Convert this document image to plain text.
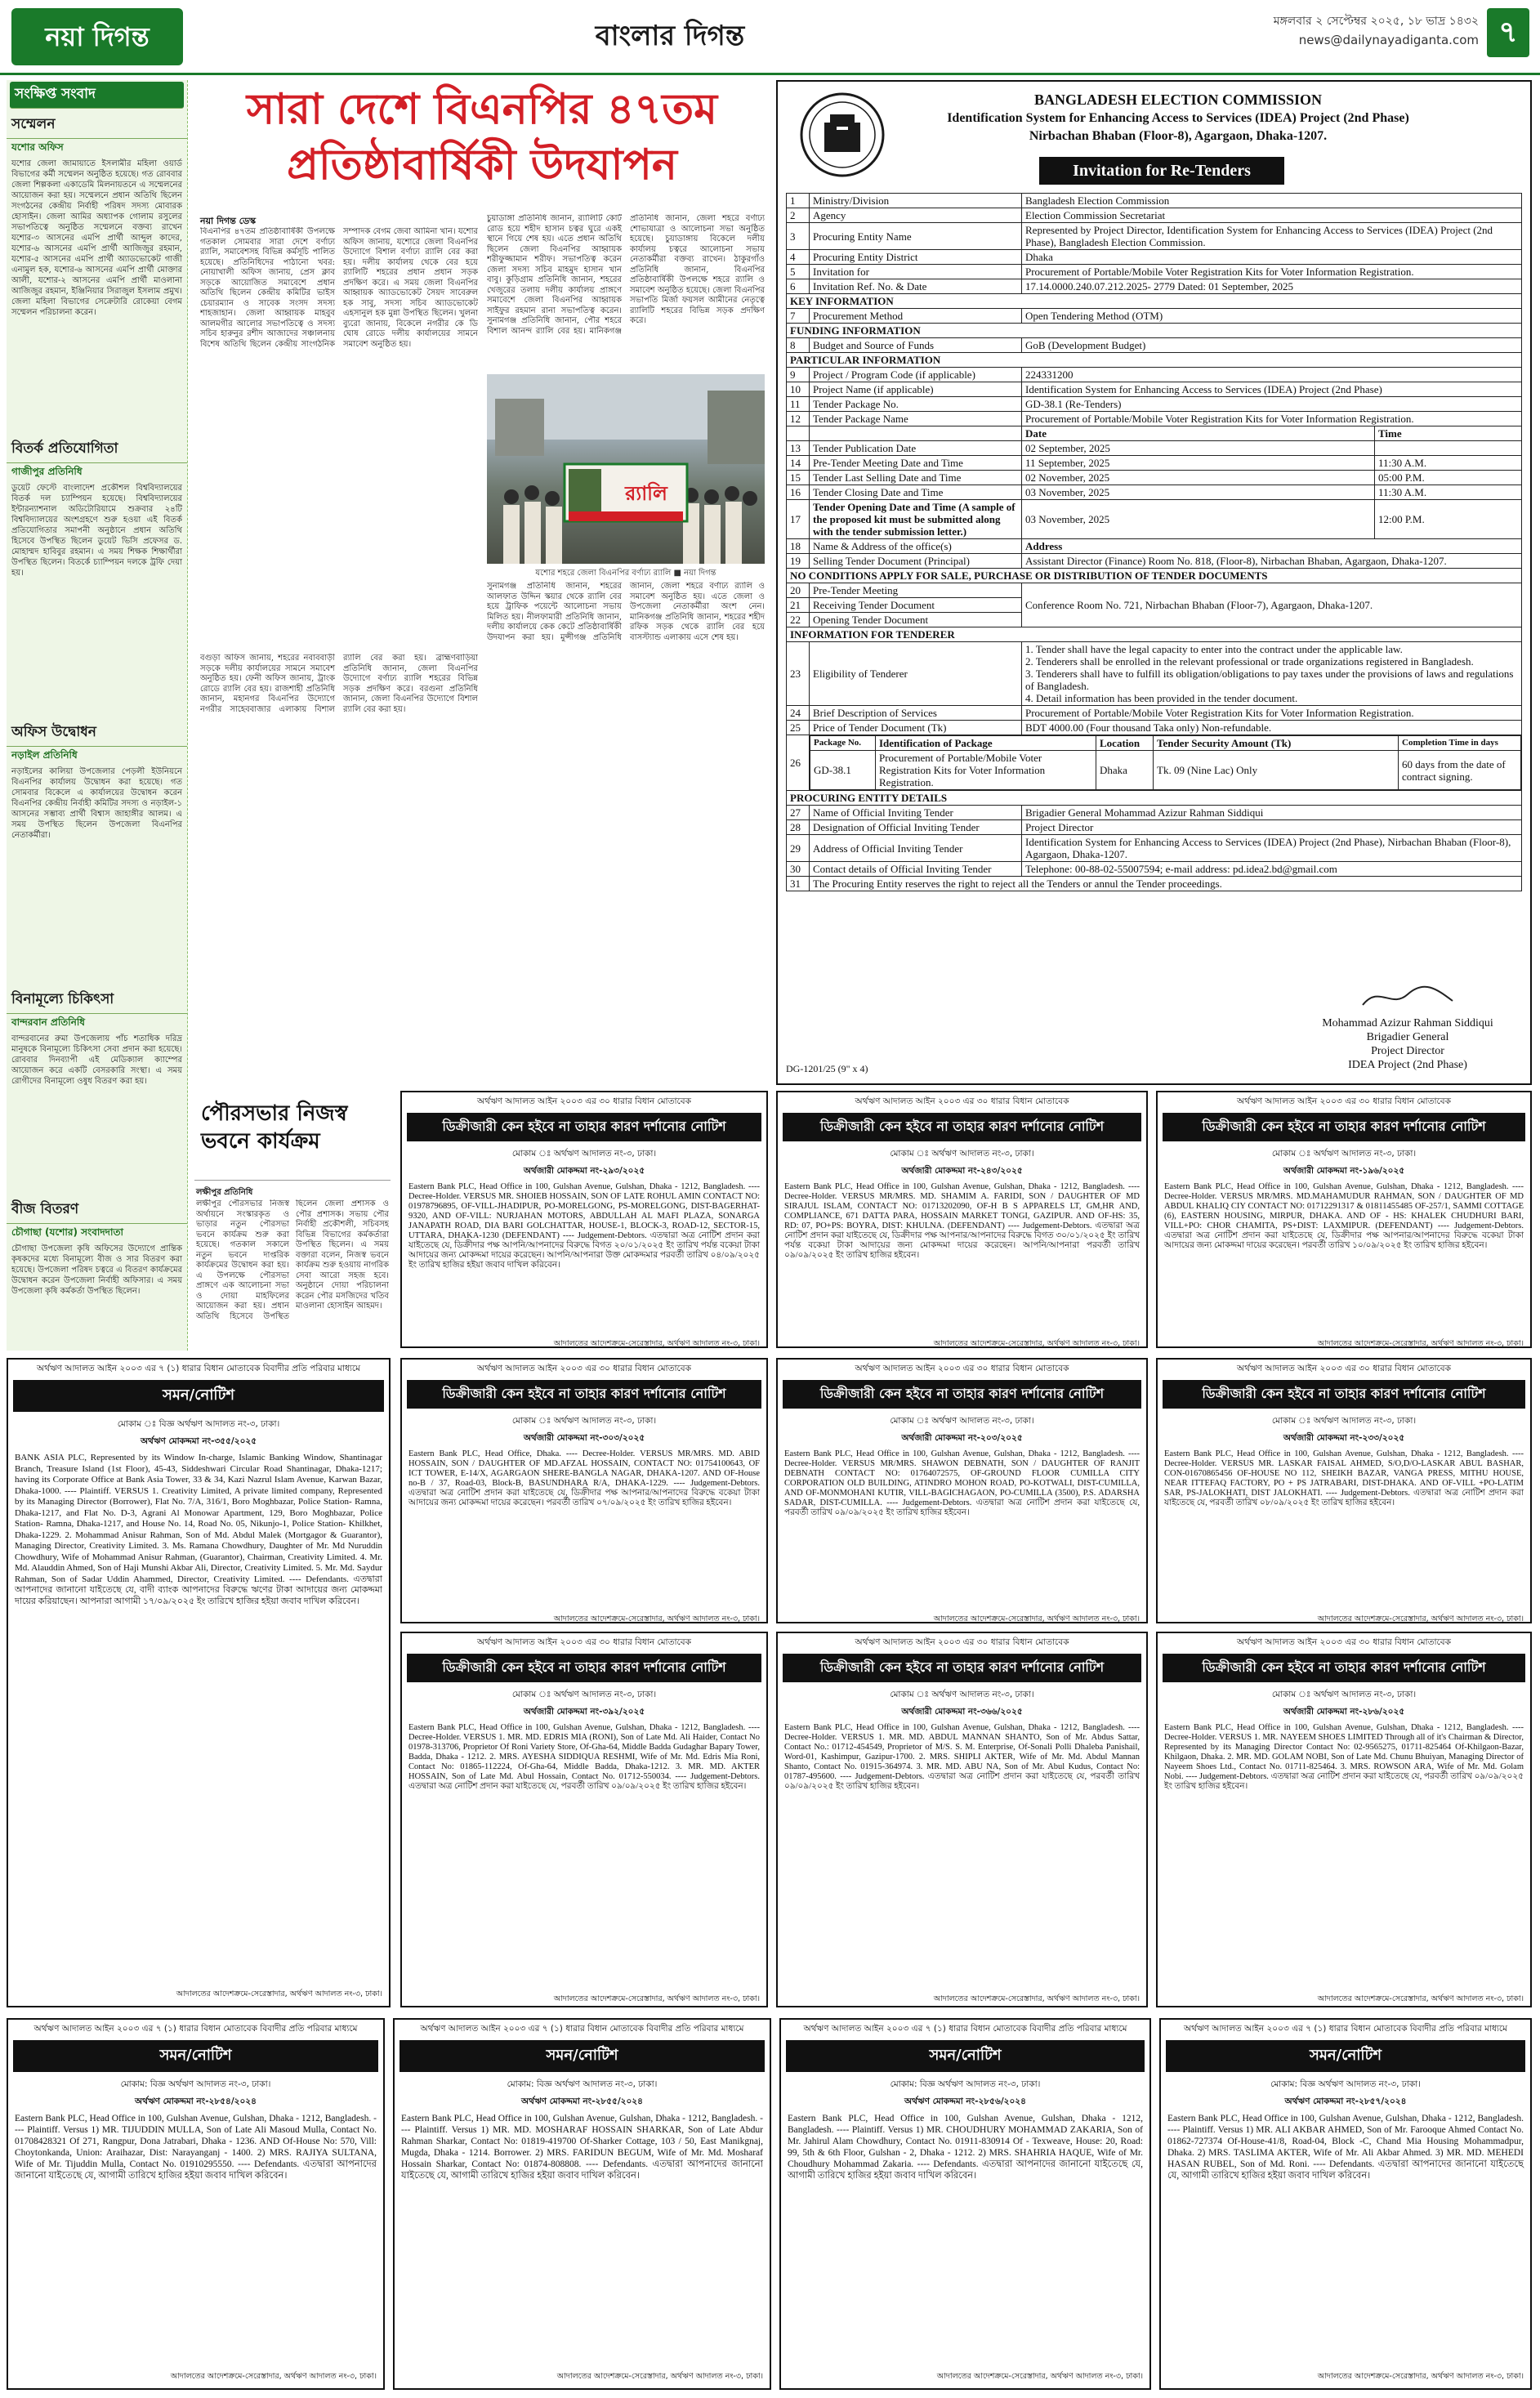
নয়া দিগন্ত	বাংলার দিগন্ত	মঙ্গলবার ২ সেপ্টেম্বর ২০২৫, ১৮ ভাদ্র ১৪৩২
news@dailynayadiganta.com ৭
সংক্ষিপ্ত সংবাদ
সম্মেলন
যশোর অফিস
যশোর জেলা জামায়াতে ইসলামীর মহিলা ওয়ার্ড বিভাগের কর্মী সম্মেলন অনুষ্ঠিত হয়েছে। গত রোববার জেলা শিল্পকলা একাডেমি মিলনায়তনে এ সম্মেলনের আয়োজন করা হয়। সম্মেলনে প্রধান অতিথি ছিলেন সংগঠনের কেন্দ্রীয় নির্বাহী পরিষদ সদস্য মোবারক হোসাইন। জেলা আমির অধ্যাপক গোলাম রসুলের সভাপতিত্বে অনুষ্ঠিত সম্মেলনে বক্তব্য রাখেন যশোর-৩ আসনের এমপি প্রার্থী আব্দুল কাদের, যশোর-৬ আসনের এমপি প্রার্থী আজিজুর রহমান, যশোর-৫ আসনের এমপি প্রার্থী অ্যাডভোকেট গাজী এনামুল হক, যশোর-৬ আসনের এমপি প্রার্থী মোক্তার আলী, যশোর-২ আসনের এমপি প্রার্থী মাওলানা আজিজুর রহমান, ইঞ্জিনিয়ার সিরাজুল ইসলাম প্রমুখ। জেলা মহিলা বিভাগের সেক্রেটারি রোকেয়া বেগম সম্মেলন পরিচালনা করেন।
বিতর্ক প্রতিযোগিতা
গাজীপুর প্রতিনিধি
ডুয়েট ফেস্টে বাংলাদেশ প্রকৌশল বিশ্ববিদ্যালয়ের বিতর্ক দল চ্যাম্পিয়ন হয়েছে। বিশ্ববিদ্যালয়ের ইন্টারন্যাশনাল অডিটোরিয়ামে শুক্রবার ২৪টি বিশ্ববিদ্যালয়ের অংশগ্রহণে শুরু হওয়া এই বিতর্ক প্রতিযোগিতার সমাপনী অনুষ্ঠানে প্রধান অতিথি হিসেবে উপস্থিত ছিলেন ডুয়েট ভিসি প্রফেসর ড. মোহাম্মদ হাবিবুর রহমান। এ সময় শিক্ষক শিক্ষার্থীরা উপস্থিত ছিলেন। বিতর্কে চ্যাম্পিয়ন দলকে ট্রফি দেয়া হয়।
অফিস উদ্বোধন
নড়াইল প্রতিনিধি
নড়াইলের কালিয়া উপজেলার পেড়লী ইউনিয়নে বিএনপির কার্যালয় উদ্বোধন করা হয়েছে। গত সোমবার বিকেলে এ কার্যালয়ের উদ্বোধন করেন বিএনপির কেন্দ্রীয় নির্বাহী কমিটির সদস্য ও নড়াইল-১ আসনের সম্ভাব্য প্রার্থী বিশ্বাস জাহাঙ্গীর আলম। এ সময় উপস্থিত ছিলেন উপজেলা বিএনপির নেতাকর্মীরা।
বিনামূল্যে চিকিৎসা
বান্দরবান প্রতিনিধি
বান্দরবানের রুমা উপজেলায় পাঁচ শতাধিক দরিদ্র মানুষকে বিনামূল্যে চিকিৎসা সেবা প্রদান করা হয়েছে। রোববার দিনব্যাপী এই মেডিক্যাল ক্যাম্পের আয়োজন করে একটি বেসরকারি সংস্থা। এ সময় রোগীদের বিনামূল্যে ওষুধ বিতরণ করা হয়।
বীজ বিতরণ
চৌগাছা (যশোর) সংবাদদাতা
চৌগাছা উপজেলা কৃষি অফিসের উদ্যোগে প্রান্তিক কৃষকদের মধ্যে বিনামূল্যে বীজ ও সার বিতরণ করা হয়েছে। উপজেলা পরিষদ চত্বরে এ বিতরণ কার্যক্রমের উদ্বোধন করেন উপজেলা নির্বাহী অফিসার। এ সময় উপজেলা কৃষি কর্মকর্তা উপস্থিত ছিলেন।
সারা দেশে বিএনপির ৪৭তম প্রতিষ্ঠাবার্ষিকী উদযাপন
নয়া দিগন্ত ডেস্ক
বিএনপির ৪৭তম প্রতিষ্ঠাবার্ষিকী উপলক্ষে গতকাল সোমবার সারা দেশে বর্ণাঢ্য র‍্যালি, সমাবেশসহ বিভিন্ন কর্মসূচি পালিত হয়েছে। প্রতিনিধিদের পাঠানো খবর: নোয়াখালী অফিস জানায়, প্রেস ক্লাব সড়কে আয়োজিত সমাবেশে প্রধান অতিথি ছিলেন কেন্দ্রীয় কমিটির ভাইস চেয়ারম্যান ও সাবেক সংসদ সদস্য শাহজাহান। জেলা আহ্বায়ক মাহবুব আলমগীর আলোর সভাপতিত্বে ও সদস্য সচিব হারুনুর রশীদ আজাদের সঞ্চালনায় বিশেষ অতিথি ছিলেন কেন্দ্রীয় সাংগঠনিক সম্পাদক বেগম জেবা আমিনা খান। যশোর অফিস জানায়, যশোরে জেলা বিএনপির উদ্যোগে বিশাল বর্ণাঢ্য র‍্যালি বের করা হয়। দলীয় কার্যালয় থেকে বের হয়ে র‍্যালিটি শহরের প্রধান প্রধান সড়ক প্রদক্ষিণ করে। এ সময় জেলা বিএনপির আহ্বায়ক অ্যাডভোকেট সৈয়দ সাবেরুল হক সাবু, সদস্য সচিব অ্যাডভোকেট এহসানুল হক মুন্না উপস্থিত ছিলেন। খুলনা ব্যুরো জানায়, বিকেলে নগরীর কে ডি ঘোষ রোডে দলীয় কার্যালয়ের সামনে সমাবেশ অনুষ্ঠিত হয়।
চুয়াডাঙ্গা প্রতিনিধি জানান, র‍্যালিটি কোর্ট রোড হয়ে শহীদ হাসান চত্বর ঘুরে একই স্থানে গিয়ে শেষ হয়। এতে প্রধান অতিথি ছিলেন জেলা বিএনপির আহ্বায়ক শরীফুজ্জামান শরীফ। সভাপতিত্ব করেন জেলা সদস্য সচিব মাহমুদ হাসান খান বাবু। কুড়িগ্রাম প্রতিনিধি জানান, শহরের খেজুরের তলায় দলীয় কার্যালয় প্রাঙ্গণে সমাবেশে জেলা বিএনপির আহ্বায়ক সাইফুর রহমান রানা সভাপতিত্ব করেন। সুনামগঞ্জ প্রতিনিধি জানান, পৌর শহরে বিশাল আনন্দ র‍্যালি বের হয়। মানিকগঞ্জ প্রতিনিধি জানান, জেলা শহরে বর্ণাঢ্য শোভাযাত্রা ও আলোচনা সভা অনুষ্ঠিত হয়েছে। চুয়াডাঙ্গায় বিকেলে দলীয় কার্যালয় চত্বরে আলোচনা সভায় নেতাকর্মীরা বক্তব্য রাখেন। ঠাকুরগাঁও প্রতিনিধি জানান, বিএনপির প্রতিষ্ঠাবার্ষিকী উপলক্ষে শহরে র‍্যালি ও সমাবেশ অনুষ্ঠিত হয়েছে। জেলা বিএনপির সভাপতি মির্জা ফয়সল আমীনের নেতৃত্বে র‍্যালিটি শহরের বিভিন্ন সড়ক প্রদক্ষিণ করে।
র‍্যালি
যশোর শহরে জেলা বিএনপির বর্ণাঢ্য র‍্যালি ■ নয়া দিগন্ত
বগুড়া অফিস জানায়, শহরের নবাববাড়ী সড়কে দলীয় কার্যালয়ের সামনে সমাবেশ অনুষ্ঠিত হয়। ফেনী অফিস জানায়, ট্রাংক রোডে র‍্যালি বের হয়। রাজশাহী প্রতিনিধি জানান, মহানগর বিএনপির উদ্যোগে নগরীর সাহেববাজার এলাকায় বিশাল র‍্যালি বের করা হয়। ব্রাহ্মণবাড়িয়া প্রতিনিধি জানান, জেলা বিএনপির উদ্যোগে বর্ণাঢ্য র‍্যালি শহরের বিভিন্ন সড়ক প্রদক্ষিণ করে। বরগুনা প্রতিনিধি জানান, জেলা বিএনপির উদ্যোগে বিশাল র‍্যালি বের করা হয়।
সুনামগঞ্জ প্রতিনিধি জানান, শহরের আলফাত উদ্দিন স্কয়ার থেকে র‍্যালি বের হয়ে ট্রাফিক পয়েন্টে আলোচনা সভায় মিলিত হয়। নীলফামারী প্রতিনিধি জানান, দলীয় কার্যালয়ে কেক কেটে প্রতিষ্ঠাবার্ষিকী উদযাপন করা হয়। মুন্সীগঞ্জ প্রতিনিধি জানান, জেলা শহরে বর্ণাঢ্য র‍্যালি ও সমাবেশ অনুষ্ঠিত হয়। এতে জেলা ও উপজেলা নেতাকর্মীরা অংশ নেন। মানিকগঞ্জ প্রতিনিধি জানান, শহরের শহীদ রফিক সড়ক থেকে র‍্যালি বের হয়ে বাসস্ট্যান্ড এলাকায় এসে শেষ হয়।
পৌরসভার নিজস্ব ভবনে কার্যক্রম
লক্ষীপুর প্রতিনিধি
লক্ষীপুর পৌরসভার নিজস্ব অর্থায়নে সংস্কারকৃত ও ভাড়ার নতুন পৌরসভা ভবনে কার্যক্রম শুরু করা হয়েছে। গতকাল সকালে নতুন ভবনে দাপ্তরিক কার্যক্রমের উদ্বোধন করা হয়। এ উপলক্ষে পৌরসভা প্রাঙ্গণে এক আলোচনা সভা ও দোয়া মাহফিলের আয়োজন করা হয়। প্রধান অতিথি হিসেবে উপস্থিত ছিলেন জেলা প্রশাসক ও পৌর প্রশাসক। সভায় পৌর নির্বাহী প্রকৌশলী, সচিবসহ বিভিন্ন বিভাগের কর্মকর্তারা উপস্থিত ছিলেন। এ সময় বক্তারা বলেন, নিজস্ব ভবনে কার্যক্রম শুরু হওয়ায় নাগরিক সেবা আরো সহজ হবে। অনুষ্ঠানে দোয়া পরিচালনা করেন পৌর মসজিদের খতিব মাওলানা হোসাইন আহমদ।
BANGLADESH ELECTION COMMISSION
Identification System for Enhancing Access to Services (IDEA) Project (2nd Phase)
Nirbachan Bhaban (Floor-8), Agargaon, Dhaka-1207.
Invitation for Re-Tenders
1	Ministry/Division	Bangladesh Election Commission
2	Agency	Election Commission Secretariat
3	Procuring Entity Name	Represented by Project Director, Identification System for Enhancing Access to Services (IDEA) Project (2nd Phase), Bangladesh Election Commission.
4	Procuring Entity District	Dhaka
5	Invitation for	Procurement of Portable/Mobile Voter Registration Kits for Voter Information Registration.
6	Invitation Ref. No. & Date	17.14.0000.240.07.212.2025- 2779 Dated: 01 September, 2025
KEY INFORMATION
7	Procurement Method	Open Tendering Method (OTM)
FUNDING INFORMATION
8	Budget and Source of Funds	GoB (Development Budget)
PARTICULAR INFORMATION
9	Project / Program Code (if applicable)	224331200
10	Project Name (if applicable)	Identification System for Enhancing Access to Services (IDEA) Project (2nd Phase)
11	Tender Package No.	GD-38.1 (Re-Tenders)
12	Tender Package Name	Procurement of Portable/Mobile Voter Registration Kits for Voter Information Registration.
		Date	Time
13	Tender Publication Date	02 September, 2025	
14	Pre-Tender Meeting Date and Time	11 September, 2025	11:30 A.M.
15	Tender Last Selling Date and Time	02 November, 2025	05:00 P.M.
16	Tender Closing Date and Time	03 November, 2025	11:30 A.M.
17	Tender Opening Date and Time (A sample of the proposed kit must be submitted along with the tender submission letter.)	03 November, 2025	12:00 P.M.
18	Name & Address of the office(s)	Address
19	Selling Tender Document (Principal)	Assistant Director (Finance) Room No. 818, (Floor-8), Nirbachan Bhaban, Agargaon, Dhaka-1207.
NO CONDITIONS APPLY FOR SALE, PURCHASE OR DISTRIBUTION OF TENDER DOCUMENTS
20	Pre-Tender Meeting	Conference Room No. 721, Nirbachan Bhaban (Floor-7), Agargaon, Dhaka-1207.
21	Receiving Tender Document
22	Opening Tender Document
INFORMATION FOR TENDERER
23	Eligibility of Tenderer	
1. Tender shall have the legal capacity to enter into the contract under the applicable law.
2. Tenderers shall be enrolled in the relevant professional or trade organizations registered in Bangladesh.
3. Tenderers shall have to fulfill its obligation/obligations to pay taxes under the provisions of laws and regulations of Bangladesh.
4. Detail information has been provided in the tender document.

24	Brief Description of Services	Procurement of Portable/Mobile Voter Registration Kits for Voter Information Registration.
25	Price of Tender Document (Tk)	BDT 4000.00 (Four thousand Taka only) Non-refundable.
26	
Package No.	Identification of Package	Location	Tender Security Amount (Tk)	Completion Time in days
GD-38.1	Procurement of Portable/Mobile Voter Registration Kits for Voter Information Registration.	Dhaka	Tk. 09 (Nine Lac) Only	60 days from the date of contract signing.

PROCURING ENTITY DETAILS
27	Name of Official Inviting Tender	Brigadier General Mohammad Azizur Rahman Siddiqui
28	Designation of Official Inviting Tender	Project Director
29	Address of Official Inviting Tender	Identification System for Enhancing Access to Services (IDEA) Project (2nd Phase), Nirbachan Bhaban (Floor-8), Agargaon, Dhaka-1207.
30	Contact details of Official Inviting Tender	Telephone: 00-88-02-55007594; e-mail address: pd.idea2.bd@gmail.com
31	The Procuring Entity reserves the right to reject all the Tenders or annul the Tender proceedings.
Mohammad Azizur Rahman Siddiqui
Brigadier General
Project Director
IDEA Project (2nd Phase)
DG-1201/25 (9" x 4)
অর্থঋণ আদালত আইন ২০০৩ এর ৩০ ধারার বিধান মোতাবেক
ডিক্রীজারী কেন হইবে না তাহার কারণ দর্শানোর নোটিশ
মোকাম ঃ অর্থঋণ আদালত নং-৩, ঢাকা।
অর্থজারী মোকদ্দমা নং-২৯৩/২০২৫
Eastern Bank PLC, Head Office in 100, Gulshan Avenue, Gulshan, Dhaka - 1212, Bangladesh. ---- Decree-Holder. VERSUS MR. SHOIEB HOSSAIN, SON OF LATE ROHUL AMIN CONTACT NO: 01978796895, OF-VILL-JHADIPUR, PO-MORELGONG, PS-MORELGONG, DIST-BAGERHAT-9320, AND OF-VILL: NURJAHAN MOTORS, ABDULLAH AL MAFI PLAZA, SONARGA JANAPATH ROAD, DIA BARI GOLCHATTAR, HOUSE-1, BLOCK-3, ROAD-12, SECTOR-15, UTTARA, DHAKA-1230 (DEFENDANT) ---- Judgement-Debtors. এতদ্বারা অত্র নোটিশ প্রদান করা যাইতেছে যে, ডিক্রীদার পক্ষ আপনি/আপনাদের বিরুদ্ধে বিগত ২০/০১/২০২৫ ইং তারিখ পর্যন্ত বকেয়া টাকা আদায়ের জন্য মোকদ্দমা দায়ের করেছেন। আপনি/আপনারা উক্ত মোকদ্দমার পরবর্তী তারিখ ০৪/০৯/২০২৫ ইং তারিখ হাজির হইয়া জবাব দাখিল করিবেন।
আদালতের আদেশক্রমে-সেরেস্তাদার, অর্থঋণ আদালত নং-৩, ঢাকা।
অর্থঋণ আদালত আইন ২০০৩ এর ৩০ ধারার বিধান মোতাবেক
ডিক্রীজারী কেন হইবে না তাহার কারণ দর্শানোর নোটিশ
মোকাম ঃ অর্থঋণ আদালত নং-৩, ঢাকা।
অর্থজারী মোকদ্দমা নং-২৪৩/২০২৫
Eastern Bank PLC, Head Office in 100, Gulshan Avenue, Gulshan, Dhaka - 1212, Bangladesh. ---- Decree-Holder. VERSUS MR/MRS. MD. SHAMIM A. FARIDI, SON / DAUGHTER OF MD SIRAJUL ISLAM, CONTACT NO: 01713202090, OF-H B S APPARELS LT, GM,HR AND, COMPLIANCE, 671 DATTA PARA, HOSSAIN MARKET TONGI, GAZIPUR. AND OF-HS: 35, RD: 07, PO+PS: BOYRA, DIST: KHULNA. (DEFENDANT) ---- Judgement-Debtors. এতদ্বারা অত্র নোটিশ প্রদান করা যাইতেছে যে, ডিক্রীদার পক্ষ আপনার/আপনাদের বিরুদ্ধে বিগত ৩০/০১/২০২৫ ইং তারিখ পর্যন্ত বকেয়া টাকা আদায়ের জন্য মোকদ্দমা দায়ের করেছেন। আপনি/আপনারা পরবর্তী তারিখ ০৯/০৯/২০২৫ ইং তারিখ হাজির হইবেন।
আদালতের আদেশক্রমে-সেরেস্তাদার, অর্থঋণ আদালত নং-৩, ঢাকা।
অর্থঋণ আদালত আইন ২০০৩ এর ৩০ ধারার বিধান মোতাবেক
ডিক্রীজারী কেন হইবে না তাহার কারণ দর্শানোর নোটিশ
মোকাম ঃ অর্থঋণ আদালত নং-৩, ঢাকা।
অর্থজারী মোকদ্দমা নং-১৯৬/২০২৫
Eastern Bank PLC, Head Office in 100, Gulshan Avenue, Gulshan, Dhaka - 1212, Bangladesh. ---- Decree-Holder. VERSUS MR/MRS. MD.MAHAMUDUR RAHMAN, SON / DAUGHTER OF MD ABDUL KHALIQ CIY CONTACT NO: 01712291317 & 01811455485 OF-257/1, SAMMI COTTAGE (6), EASTERN HOUSING, MIRPUR, DHAKA. AND OF - HS: KHALEK CHUDHURI BARI, VILL+PO: CHOR CHAMITA, PS+DIST: LAXMIPUR. (DEFENDANT) ---- Judgement-Debtors. এতদ্বারা অত্র নোটিশ প্রদান করা যাইতেছে যে, ডিক্রীদার পক্ষ আপনার/আপনাদের বিরুদ্ধে বকেয়া টাকা আদায়ের জন্য মোকদ্দমা দায়ের করেছেন। পরবর্তী তারিখ ১০/০৯/২০২৫ ইং তারিখ হাজির হইবেন।
আদালতের আদেশক্রমে-সেরেস্তাদার, অর্থঋণ আদালত নং-৩, ঢাকা।
অর্থঋণ আদালত আইন ২০০৩ এর ৭ (১) ধারার বিধান মোতাবেক বিবাদীর প্রতি পরিবার মাধ্যমে
সমন/নোটিশ
মোকাম ঃ বিজ্ঞ অর্থঋণ আদালত নং-৩, ঢাকা।
অর্থঋণ মোকদ্দমা নং-৩৫৫/২০২৫
BANK ASIA PLC, Represented by its Window In-charge, Islamic Banking Window, Shantinagar Branch, Treasure Island (1st Floor), 45-43, Siddeshwari Circular Road Shantinagar, Dhaka-1217; having its Corporate Office at Bank Asia Tower, 33 & 34, Kazi Nazrul Islam Avenue, Karwan Bazar, Dhaka-1000. ---- Plaintiff. VERSUS 1. Creativity Limited, A private limited company, Represented by its Managing Director (Borrower), Flat No. 7/A, 316/1, Boro Moghbazar, Police Station- Ramna, Dhaka-1217, and Flat No. D-3, Agrani Al Monowar Apartment, 129, Boro Moghbazar, Police Station- Ramna, Dhaka-1217, and House No. 14, Road No. 05, Nikunjo-1, Police Station- Khilkhet, Dhaka-1229. 2. Mohammad Anisur Rahman, Son of Md. Abdul Malek (Mortgagor & Guarantor), Managing Director, Creativity Limited. 3. Ms. Ramana Chowdhury, Daughter of Mr. Md Nuruddin Chowdhury, Wife of Mohammad Anisur Rahman, (Guarantor), Chairman, Creativity Limited. 4. Mr. Md. Alauddin Ahmed, Son of Haji Munshi Akbar Ali, Director, Creativity Limited. 5. Mr. Md. Saydur Rahman, Son of Sadar Uddin Ahammed, Director, Creativity Limited. ---- Defendants. এতদ্বারা আপনাদের জানানো যাইতেছে যে, বাদী ব্যাংক আপনাদের বিরুদ্ধে ঋণের টাকা আদায়ের জন্য মোকদ্দমা দায়ের করিয়াছেন। আপনারা আগামী ১৭/০৯/২০২৫ ইং তারিখে হাজির হইয়া জবাব দাখিল করিবেন।
আদালতের আদেশক্রমে-সেরেস্তাদার, অর্থঋণ আদালত নং-৩, ঢাকা।
অর্থঋণ আদালত আইন ২০০৩ এর ৩০ ধারার বিধান মোতাবেক
ডিক্রীজারী কেন হইবে না তাহার কারণ দর্শানোর নোটিশ
মোকাম ঃ অর্থঋণ আদালত নং-৩, ঢাকা।
অর্থজারী মোকদ্দমা নং-৩০৩/২০২৫
Eastern Bank PLC, Head Office, Dhaka. ---- Decree-Holder. VERSUS MR/MRS. MD. ABID HOSSAIN, SON / DAUGHTER OF MD.AFZAL HOSSAIN, CONTACT NO: 01754100643, OF ICT TOWER, E-14/X, AGARGAON SHERE-BANGLA NAGAR, DHAKA-1207. AND OF-House no-B / 37, Road-03, Block-B, BASUNDHARA R/A, DHAKA-1229. ---- Judgement-Debtors. এতদ্বারা অত্র নোটিশ প্রদান করা যাইতেছে যে, ডিক্রীদার পক্ষ আপনার/আপনাদের বিরুদ্ধে বকেয়া টাকা আদায়ের জন্য মোকদ্দমা দায়ের করেছেন। পরবর্তী তারিখ ০৭/০৯/২০২৫ ইং তারিখ হাজির হইবেন।
আদালতের আদেশক্রমে-সেরেস্তাদার, অর্থঋণ আদালত নং-৩, ঢাকা।
অর্থঋণ আদালত আইন ২০০৩ এর ৩০ ধারার বিধান মোতাবেক
ডিক্রীজারী কেন হইবে না তাহার কারণ দর্শানোর নোটিশ
মোকাম ঃ অর্থঋণ আদালত নং-৩, ঢাকা।
অর্থজারী মোকদ্দমা নং-২০৩/২০২৫
Eastern Bank PLC, Head Office in 100, Gulshan Avenue, Gulshan, Dhaka - 1212, Bangladesh. ---- Decree-Holder. VERSUS MR/MRS. SHAWON DEBNATH, SON / DAUGHTER OF RANJIT DEBNATH CONTACT NO: 01764072575, OF-GROUND FLOOR CUMILLA CITY CORPORATION OLD BUILDING, ATINDRO MOHON ROAD, PO-KOTWALI, DIST-CUMILLA, AND OF-MONMOHANI KUTIR, VILL-BAGICHAGAON, PO-CUMILLA (3500), P.S. ADARSHA SADAR, DIST-CUMILLA. ---- Judgement-Debtors. এতদ্বারা অত্র নোটিশ প্রদান করা যাইতেছে যে, পরবর্তী তারিখ ০৯/০৯/২০২৫ ইং তারিখ হাজির হইবেন।
আদালতের আদেশক্রমে-সেরেস্তাদার, অর্থঋণ আদালত নং-৩, ঢাকা।
অর্থঋণ আদালত আইন ২০০৩ এর ৩০ ধারার বিধান মোতাবেক
ডিক্রীজারী কেন হইবে না তাহার কারণ দর্শানোর নোটিশ
মোকাম ঃ অর্থঋণ আদালত নং-৩, ঢাকা।
অর্থজারী মোকদ্দমা নং-২৩৩/২০২৫
Eastern Bank PLC, Head Office in 100, Gulshan Avenue, Gulshan, Dhaka - 1212, Bangladesh. ---- Decree-Holder. VERSUS MR. LASKAR FAISAL AHMED, S/O,D/O-LASKAR ABUL BASHAR, CON-01670865456 OF-HOUSE NO 112, SHEIKH BAZAR, VANGA PRESS, MITHU HOUSE, NEAR ITTEFAQ FACTORY, PO + PS JATRABARI, DIST-DHAKA. AND OF-VILL +PO-LATIM SAR, PS-JALOKHATI, DIST JALOKHATI. ---- Judgement-Debtors. এতদ্বারা অত্র নোটিশ প্রদান করা যাইতেছে যে, পরবর্তী তারিখ ০৮/০৯/২০২৫ ইং তারিখ হাজির হইবেন।
আদালতের আদেশক্রমে-সেরেস্তাদার, অর্থঋণ আদালত নং-৩, ঢাকা।
অর্থঋণ আদালত আইন ২০০৩ এর ৩০ ধারার বিধান মোতাবেক
ডিক্রীজারী কেন হইবে না তাহার কারণ দর্শানোর নোটিশ
মোকাম ঃ অর্থঋণ আদালত নং-৩, ঢাকা।
অর্থজারী মোকদ্দমা নং-৩৯২/২০২৫
Eastern Bank PLC, Head Office in 100, Gulshan Avenue, Gulshan, Dhaka - 1212, Bangladesh. ---- Decree-Holder. VERSUS 1. MR. MD. EDRIS MIA (RONI), Son of Late Md. Ali Haider, Contact No 01978-313706, Proprietor Of Roni Variety Store, Of-Gha-64, Middle Badda Gudaghar Bapary Tower, Badda, Dhaka - 1212. 2. MRS. AYESHA SIDDIQUA RESHMI, Wife of Mr. Md. Edris Mia Roni, Contact No: 01865-112224, Of-Gha-64, Middle Badda, Dhaka-1212. 3. MR. MD. AKTER HOSSAIN, Son of Late Md. Abul Hossain, Contact No. 01712-550034. ---- Judgement-Debtors. এতদ্বারা অত্র নোটিশ প্রদান করা যাইতেছে যে, পরবর্তী তারিখ ০৯/০৯/২০২৫ ইং তারিখ হাজির হইবেন।
আদালতের আদেশক্রমে-সেরেস্তাদার, অর্থঋণ আদালত নং-৩, ঢাকা।
অর্থঋণ আদালত আইন ২০০৩ এর ৩০ ধারার বিধান মোতাবেক
ডিক্রীজারী কেন হইবে না তাহার কারণ দর্শানোর নোটিশ
মোকাম ঃ অর্থঋণ আদালত নং-৩, ঢাকা।
অর্থজারী মোকদ্দমা নং-৩৬৬/২০২৫
Eastern Bank PLC, Head Office in 100, Gulshan Avenue, Gulshan, Dhaka - 1212, Bangladesh. ---- Decree-Holder. VERSUS 1. MR. MD. ABDUL MANNAN SHANTO, Son of Mr. Abdus Sattar, Contact No.: 01712-454549, Proprietor of M/S. S. M. Enterprise, Of-Sonali Polli Dhaleba Panishail, Word-01, Kashimpur, Gazipur-1700. 2. MRS. SHIPLI AKTER, Wife of Mr. Md. Abdul Mannan Shanto, Contact No. 01915-364974. 3. MR. MD. ABU NA, Son of Mr. Abul Kudus, Contact No: 01787-495600. ---- Judgement-Debtors. এতদ্বারা অত্র নোটিশ প্রদান করা যাইতেছে যে, পরবর্তী তারিখ ০৯/০৯/২০২৫ ইং তারিখ হাজির হইবেন।
আদালতের আদেশক্রমে-সেরেস্তাদার, অর্থঋণ আদালত নং-৩, ঢাকা।
অর্থঋণ আদালত আইন ২০০৩ এর ৩০ ধারার বিধান মোতাবেক
ডিক্রীজারী কেন হইবে না তাহার কারণ দর্শানোর নোটিশ
মোকাম ঃ অর্থঋণ আদালত নং-৩, ঢাকা।
অর্থজারী মোকদ্দমা নং-২৮৬/২০২৫
Eastern Bank PLC, Head Office in 100, Gulshan Avenue, Gulshan, Dhaka - 1212, Bangladesh. ---- Decree-Holder. VERSUS 1. MR. NAYEEM SHOES LIMITED Through all of it's Chairman & Director, Represented by its Managing Director Contact No: 02-9565275, 01711-825464 Of-Khilgaon-Bazar, Khilgaon, Dhaka. 2. MR. MD. GOLAM NOBI, Son of Late Md. Chunu Bhuiyan, Managing Director of Nayeem Shoes Ltd., Contact No. 01711-825464. 3. MRS. ROWSON ARA, Wife of Mr. Md. Golam Nobi. ---- Judgement-Debtors. এতদ্বারা অত্র নোটিশ প্রদান করা যাইতেছে যে, পরবর্তী তারিখ ০৯/০৯/২০২৫ ইং তারিখ হাজির হইবেন।
আদালতের আদেশক্রমে-সেরেস্তাদার, অর্থঋণ আদালত নং-৩, ঢাকা।
অর্থঋণ আদালত আইন ২০০৩ এর ৭ (১) ধারার বিধান মোতাবেক বিবাদীর প্রতি পরিবার মাধ্যমে
সমন/নোটিশ
মোকাম: বিজ্ঞ অর্থঋণ আদালত নং-৩, ঢাকা।
অর্থঋণ মোকদ্দমা নং-২৮৫৪/২০২৪
Eastern Bank PLC, Head Office in 100, Gulshan Avenue, Gulshan, Dhaka - 1212, Bangladesh. ---- Plaintiff. Versus 1) MR. TIJUDDIN MULLA, Son of Late Ali Masoud Mulla, Contact No. 01708428321 Of 271, Rangpur, Dona Jatrabari, Dhaka - 1236. AND Of-House No: 570, Vill: Choytonkanda, Union: Araihazar, Dist: Narayanganj - 1400. 2) MRS. RAJIYA SULTANA, Wife of Mr. Tijuddin Mulla, Contact No. 01910295550. ---- Defendants. এতদ্বারা আপনাদের জানানো যাইতেছে যে, আগামী তারিখে হাজির হইয়া জবাব দাখিল করিবেন।
আদালতের আদেশক্রমে-সেরেস্তাদার, অর্থঋণ আদালত নং-৩, ঢাকা।
অর্থঋণ আদালত আইন ২০০৩ এর ৭ (১) ধারার বিধান মোতাবেক বিবাদীর প্রতি পরিবার মাধ্যমে
সমন/নোটিশ
মোকাম: বিজ্ঞ অর্থঋণ আদালত নং-৩, ঢাকা।
অর্থঋণ মোকদ্দমা নং-২৮৫৫/২০২৪
Eastern Bank PLC, Head Office in 100, Gulshan Avenue, Gulshan, Dhaka - 1212, Bangladesh. ---- Plaintiff. Versus 1) MR. MD. MOSHARAF HOSSAIN SHARKAR, Son of Late Abdur Rahman Sharkar, Contact No: 01819-419700 Of-Sharker Cottage, 103 / 50, East Manikgnaj, Mugda, Dhaka - 1214. Borrower. 2) MRS. FARIDUN BEGUM, Wife of Mr. Md. Mosharaf Hossain Sharkar, Contact No: 01874-808808. ---- Defendants. এতদ্বারা আপনাদের জানানো যাইতেছে যে, আগামী তারিখে হাজির হইয়া জবাব দাখিল করিবেন।
আদালতের আদেশক্রমে-সেরেস্তাদার, অর্থঋণ আদালত নং-৩, ঢাকা।
অর্থঋণ আদালত আইন ২০০৩ এর ৭ (১) ধারার বিধান মোতাবেক বিবাদীর প্রতি পরিবার মাধ্যমে
সমন/নোটিশ
মোকাম: বিজ্ঞ অর্থঋণ আদালত নং-৩, ঢাকা।
অর্থঋণ মোকদ্দমা নং-২৮৫৬/২০২৪
Eastern Bank PLC, Head Office in 100, Gulshan Avenue, Gulshan, Dhaka - 1212, Bangladesh. ---- Plaintiff. Versus 1) MR. CHOUDHURY MOHAMMAD ZAKARIA, Son of Mr. Jahirul Alam Chowdhury, Contact No. 01911-830914 Of - Texweave, House: 20, Road: 99, 5th & 6th Floor, Gulshan - 2, Dhaka - 1212. 2) MRS. SHAHRIA HAQUE, Wife of Mr. Choudhury Mohammad Zakaria. ---- Defendants. এতদ্বারা আপনাদের জানানো যাইতেছে যে, আগামী তারিখে হাজির হইয়া জবাব দাখিল করিবেন।
আদালতের আদেশক্রমে-সেরেস্তাদার, অর্থঋণ আদালত নং-৩, ঢাকা।
অর্থঋণ আদালত আইন ২০০৩ এর ৭ (১) ধারার বিধান মোতাবেক বিবাদীর প্রতি পরিবার মাধ্যমে
সমন/নোটিশ
মোকাম: বিজ্ঞ অর্থঋণ আদালত নং-৩, ঢাকা।
অর্থঋণ মোকদ্দমা নং-২৮৫৭/২০২৪
Eastern Bank PLC, Head Office in 100, Gulshan Avenue, Gulshan, Dhaka - 1212, Bangladesh. ---- Plaintiff. Versus 1) MR. ALI AKBAR AHMED, Son of Mr. Farooque Ahmed Contact No. 01862-727374 Of-House-41/8, Road-04, Block -C, Chand Mia Housing Mohammadpur, Dhaka. 2) MRS. TASLIMA AKTER, Wife of Mr. Ali Akbar Ahmed. 3) MR. MD. MEHEDI HASAN RUBEL, Son of Md. Roni. ---- Defendants. এতদ্বারা আপনাদের জানানো যাইতেছে যে, আগামী তারিখে হাজির হইয়া জবাব দাখিল করিবেন।
আদালতের আদেশক্রমে-সেরেস্তাদার, অর্থঋণ আদালত নং-৩, ঢাকা।
